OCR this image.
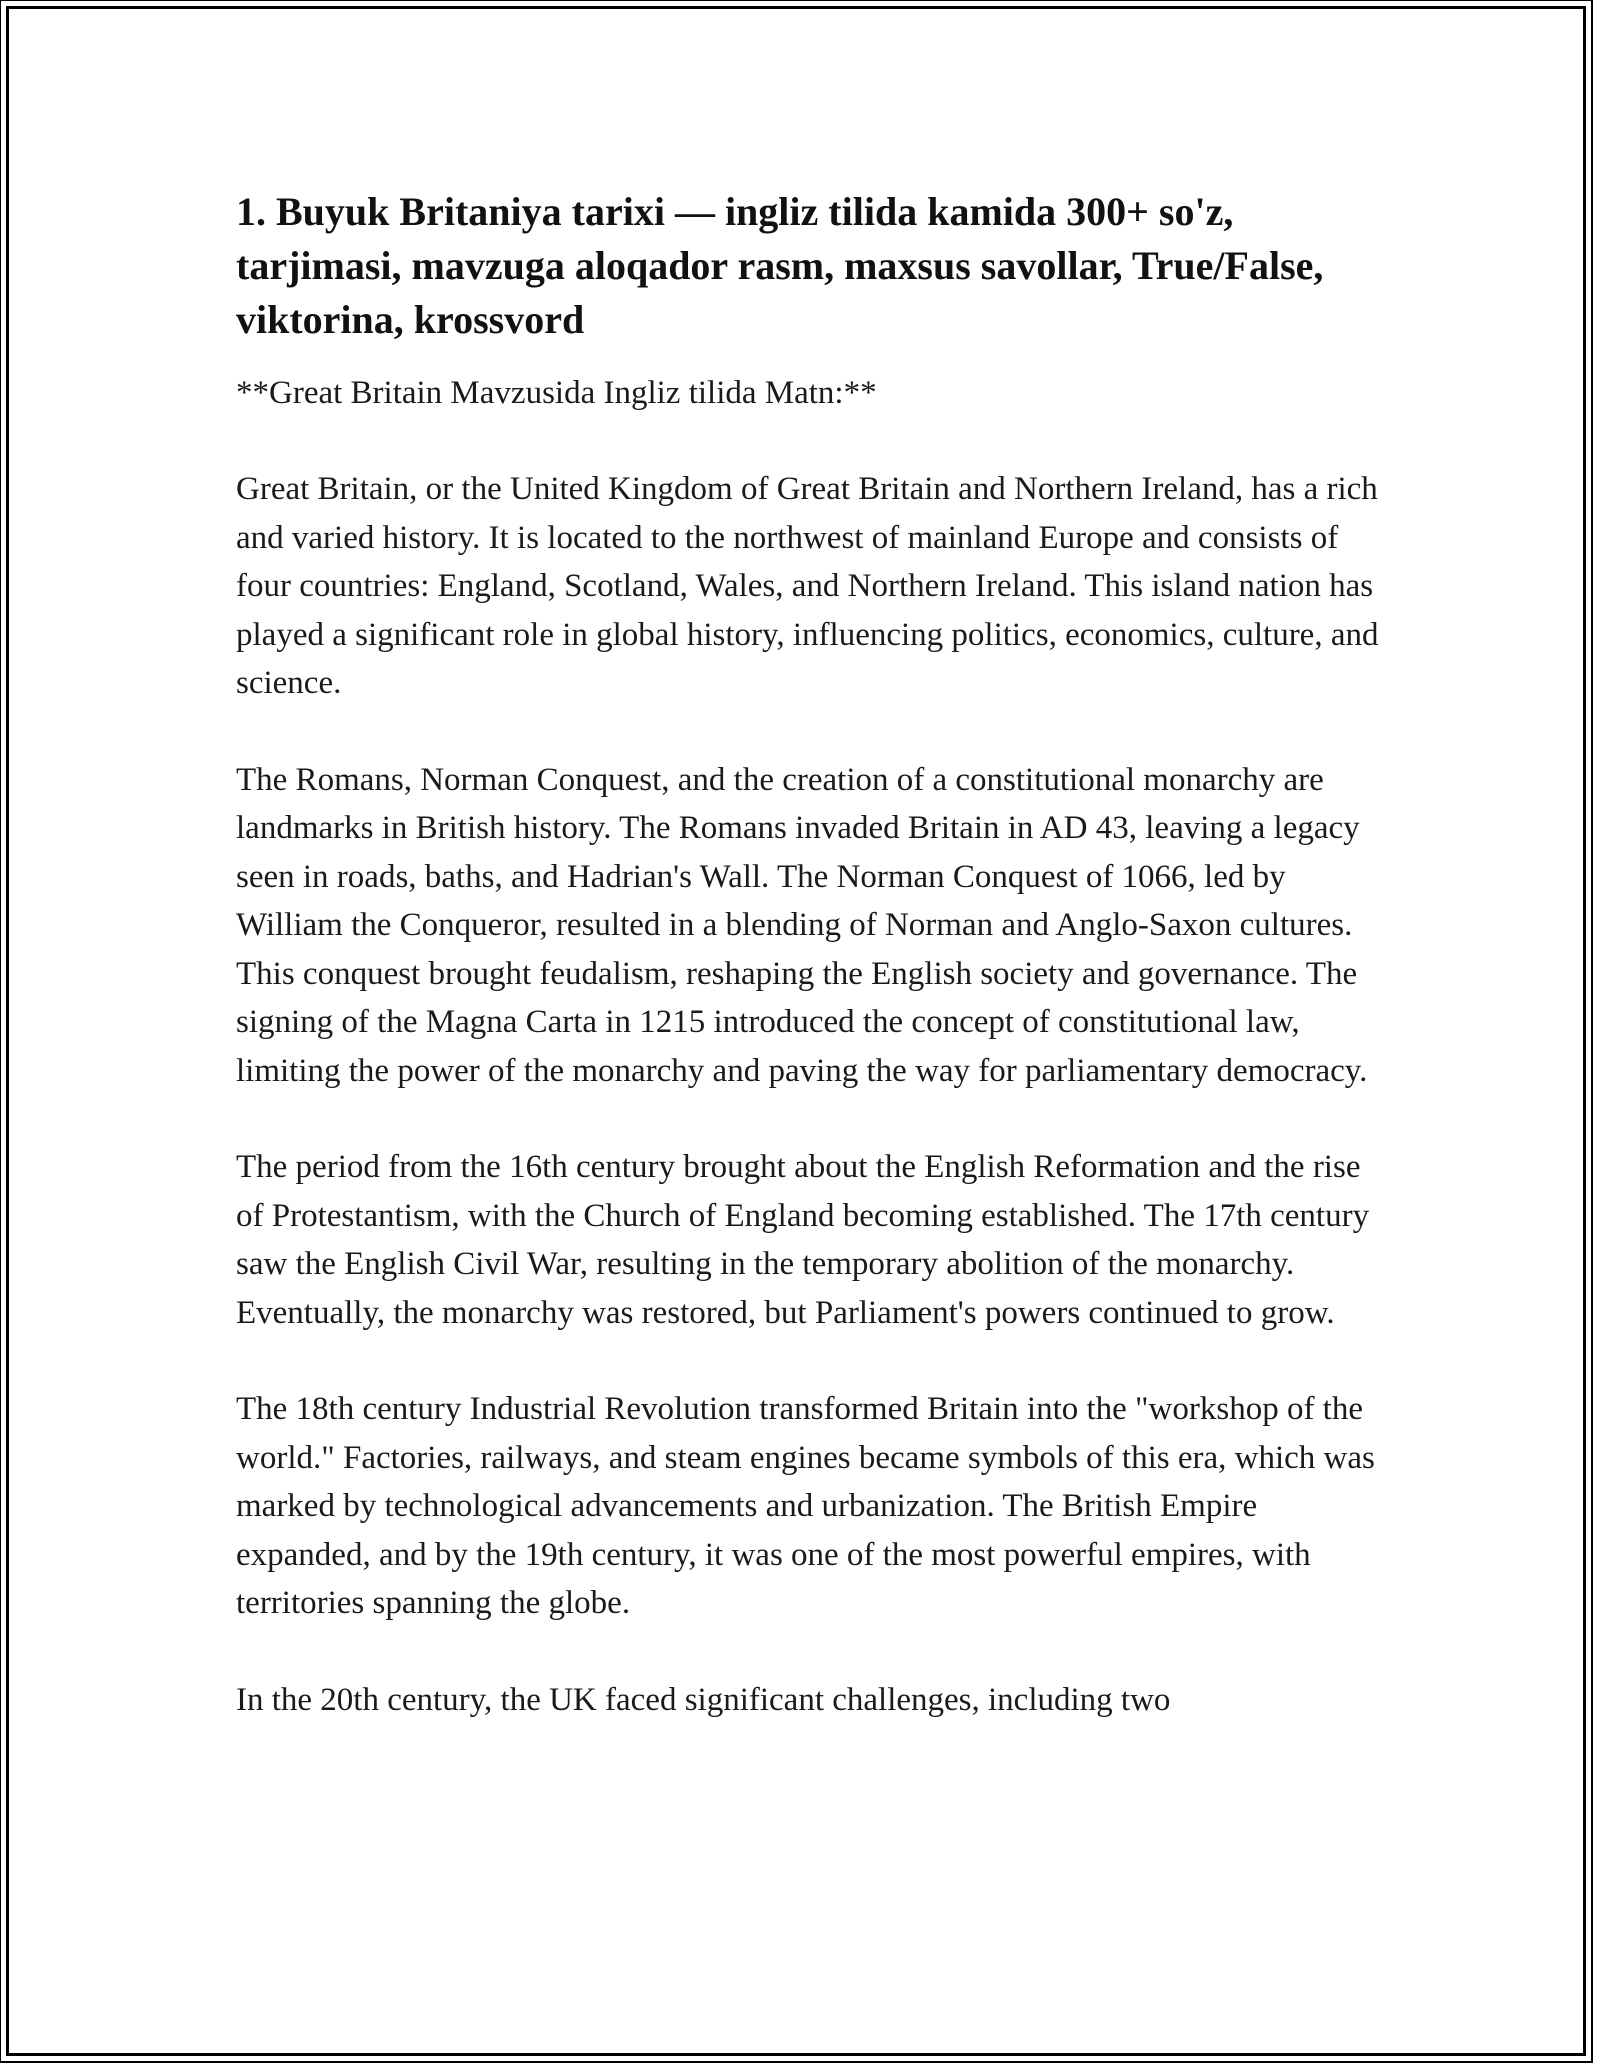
1. Buyuk Britaniya tarixi — ingliz tilida kamida 300+ so'z, tarjimasi, mavzuga aloqador rasm, maxsus savollar, True/False, viktorina, krossvord

**Great Britain Mavzusida Ingliz tilida Matn:**

Great Britain, or the United Kingdom of Great Britain and Northern Ireland, has a rich and varied history. It is located to the northwest of mainland Europe and consists of four countries: England, Scotland, Wales, and Northern Ireland. This island nation has played a significant role in global history, influencing politics, economics, culture, and science.

The Romans, Norman Conquest, and the creation of a constitutional monarchy are landmarks in British history. The Romans invaded Britain in AD 43, leaving a legacy seen in roads, baths, and Hadrian's Wall. The Norman Conquest of 1066, led by William the Conqueror, resulted in a blending of Norman and Anglo-Saxon cultures. This conquest brought feudalism, reshaping the English society and governance. The signing of the Magna Carta in 1215 introduced the concept of constitutional law, limiting the power of the monarchy and paving the way for parliamentary democracy.

The period from the 16th century brought about the English Reformation and the rise of Protestantism, with the Church of England becoming established. The 17th century saw the English Civil War, resulting in the temporary abolition of the monarchy. Eventually, the monarchy was restored, but Parliament's powers continued to grow.

The 18th century Industrial Revolution transformed Britain into the "workshop of the world." Factories, railways, and steam engines became symbols of this era, which was marked by technological advancements and urbanization. The British Empire expanded, and by the 19th century, it was one of the most powerful empires, with territories spanning the globe.

In the 20th century, the UK faced significant challenges, including two
